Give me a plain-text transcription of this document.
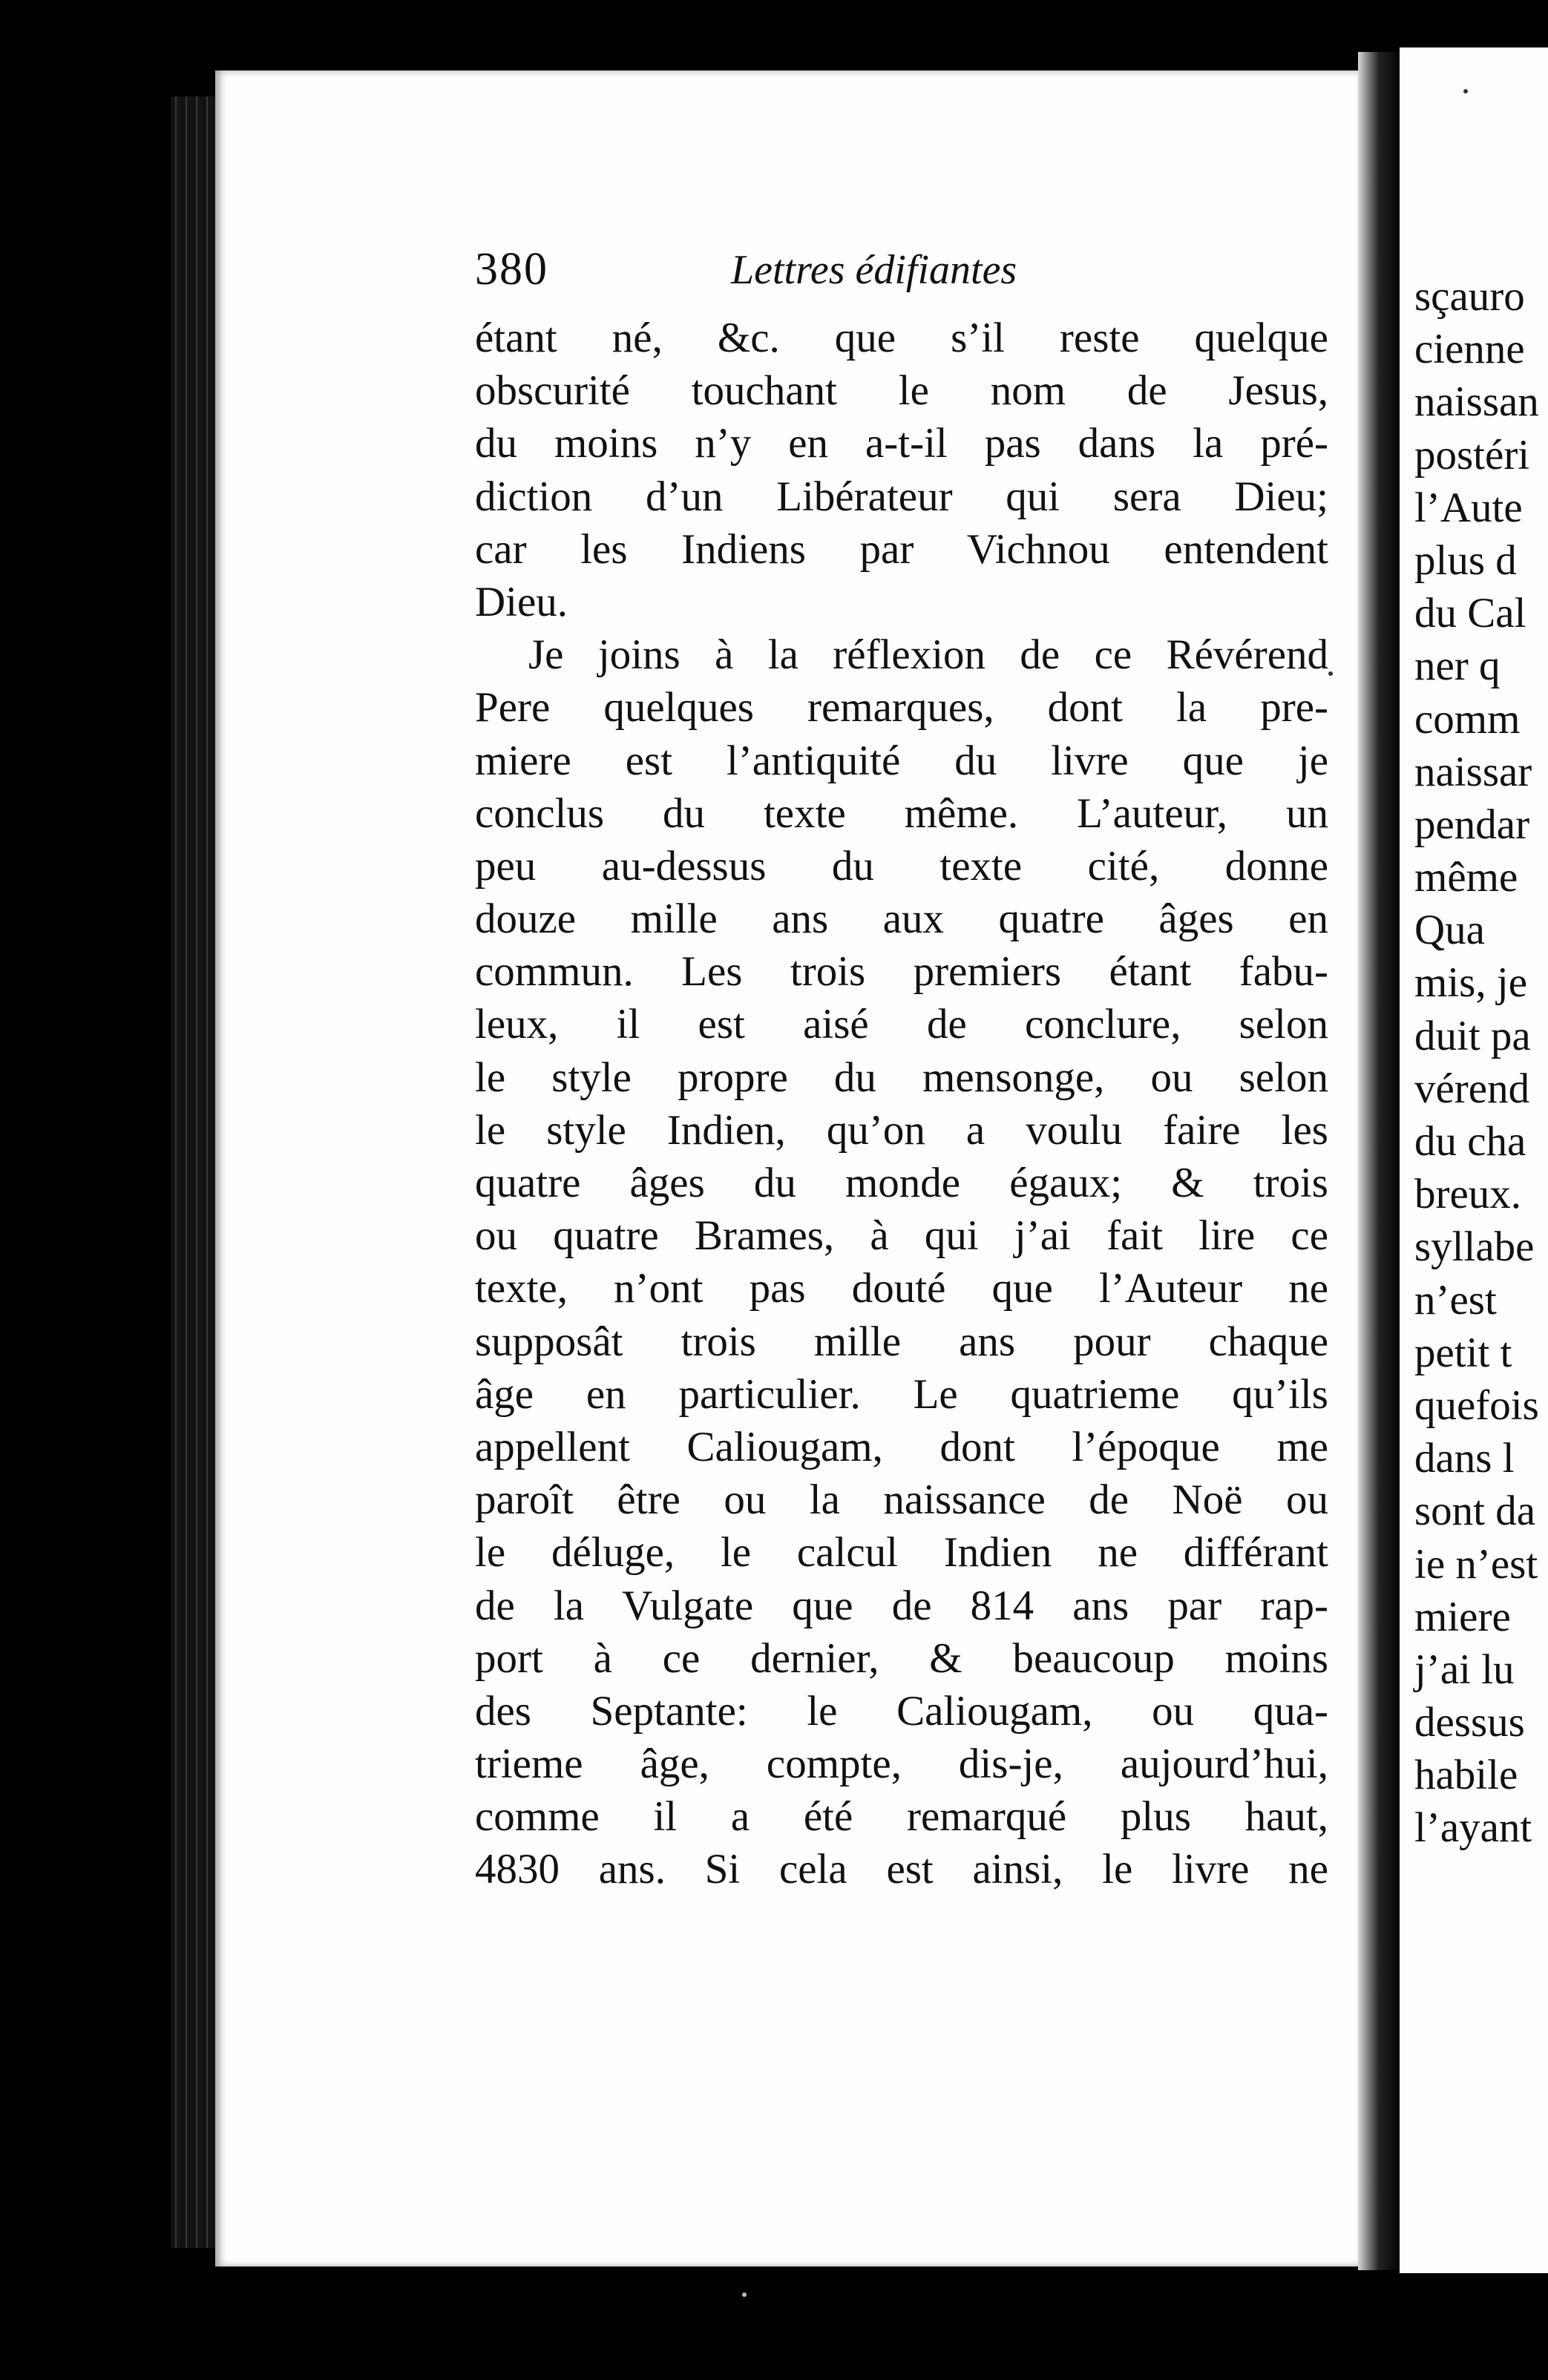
380	Lettres édifiantes
étant né, &c. que s’il reste quelque
obscurité touchant le nom de Jesus,
du moins n’y en a-t-il pas dans la pré-
diction d’un Libérateur qui sera Dieu;
car les Indiens par Vichnou entendent
Dieu.
Je joins à la réflexion de ce Révérend
Pere quelques remarques, dont la pre-
miere est l’antiquité du livre que je
conclus du texte même. L’auteur, un
peu au-dessus du texte cité, donne
douze mille ans aux quatre âges en
commun. Les trois premiers étant fabu-
leux, il est aisé de conclure, selon
le style propre du mensonge, ou selon
le style Indien, qu’on a voulu faire les
quatre âges du monde égaux; & trois
ou quatre Brames, à qui j’ai fait lire ce
texte, n’ont pas douté que l’Auteur ne
supposât trois mille ans pour chaque
âge en particulier. Le quatrieme qu’ils
appellent Caliougam, dont l’époque me
paroît être ou la naissance de Noë ou
le déluge, le calcul Indien ne différant
de la Vulgate que de 814 ans par rap-
port à ce dernier, & beaucoup moins
des Septante: le Caliougam, ou qua-
trieme âge, compte, dis-je, aujourd’hui,
comme il a été remarqué plus haut,
4830 ans. Si cela est ainsi, le livre ne
sçauro
cienne
naissan
postéri
l’Aute
plus d
du Cal
ner q
comm
naissar
pendar
même
Qua
mis, je
duit pa
vérend
du cha
breux.
syllabe
n’est
petit t
quefois
dans l
sont da
ie n’est
miere
j’ai lu
dessus
habile
l’ayant
